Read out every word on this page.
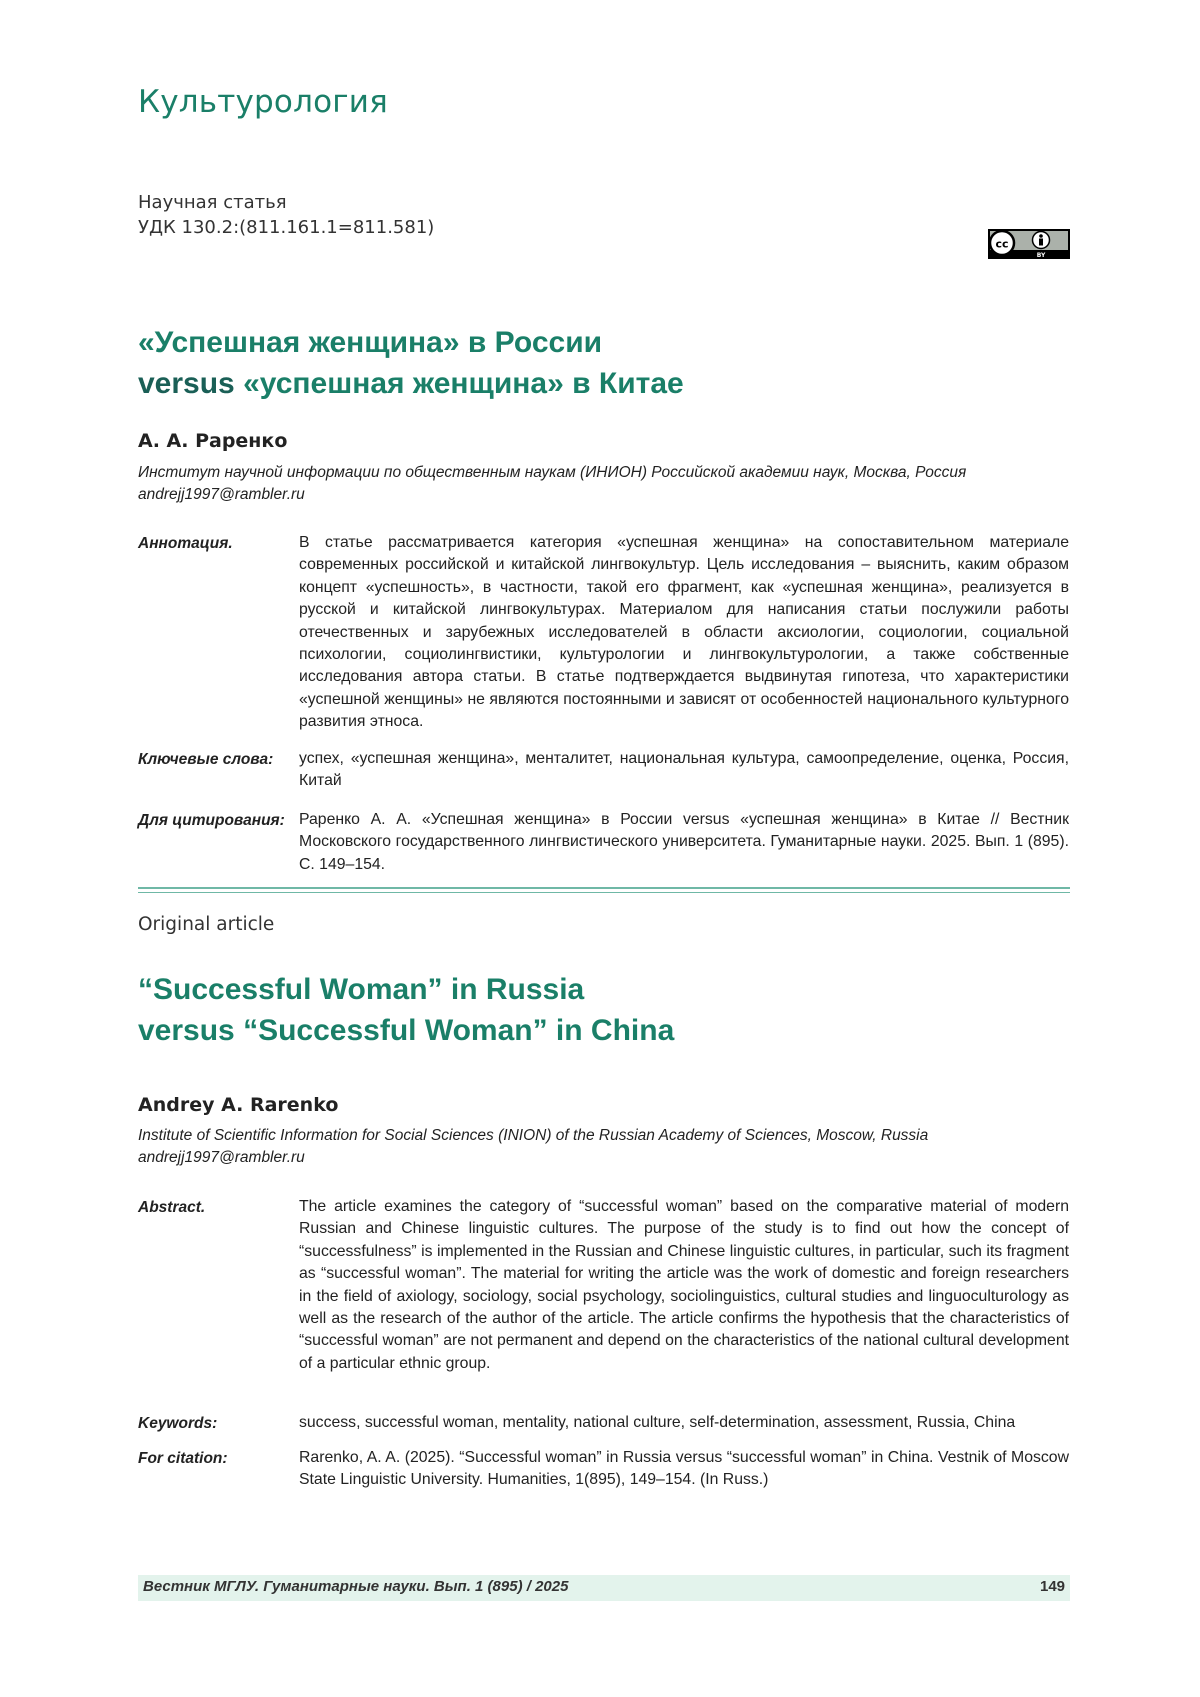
Культурология
Научная статья
УДК 130.2:(811.161.1=811.581)
cc
BY
«Успешная женщина» в России
versus «успешная женщина» в Китае
А. А. Раренко
Институт научной информации по общественным наукам (ИНИОН) Российской академии наук, Москва, Россия
andrejj1997@rambler.ru
Аннотация.	В статье рассматривается категория «успешная женщина» на сопоставительном материале современных российской и китайской лингвокультур. Цель исследования – выяснить, каким образом концепт «успешность», в частности, такой его фрагмент, как «успешная женщина», реализуется в русской и китайской лингвокультурах. Материалом для написания статьи послужили работы отечественных и зарубежных исследователей в области аксиологии, социологии, социальной психологии, социолингвистики, культурологии и лингвокультурологии, а также собственные исследования автора статьи. В статье подтверждается выдвинутая гипотеза, что характеристики «успешной женщины» не являются постоянными и зависят от особенностей национального культурного развития этноса.
Ключевые слова: успех, «успешная женщина», менталитет, национальная культура, самоопределение, оценка, Россия, Китай
Для цитирования: Раренко А. А. «Успешная женщина» в России versus «успешная женщина» в Китае // Вестник Московского государственного лингвистического университета. Гуманитарные науки. 2025. Вып. 1 (895). С. 149–154.
Original article
“Successful Woman” in Russia
versus “Successful Woman” in China
Andrey A. Rarenko
Institute of Scientific Information for Social Sciences (INION) of the Russian Academy of Sciences, Moscow, Russia
andrejj1997@rambler.ru
Abstract.	The article examines the category of “successful woman” based on the comparative material of modern Russian and Chinese linguistic cultures. The purpose of the study is to find out how the concept of “successfulness” is implemented in the Russian and Chinese linguistic cultures, in particular, such its fragment as “successful woman”. The material for writing the article was the work of domestic and foreign researchers in the field of axiology, sociology, social psychology, sociolinguistics, cultural studies and linguoculturology as well as the research of the author of the article. The article confirms the hypothesis that the characteristics of “successful woman” are not permanent and depend on the characteristics of the national cultural development of a particular ethnic group.
Keywords:	success, successful woman, mentality, national culture, self-determination, assessment, Russia, China
For citation:	Rarenko, A. A. (2025). “Successful woman” in Russia versus “successful woman” in China. Vestnik of Moscow State Linguistic University. Humanities, 1(895), 149–154. (In Russ.)
Вестник МГЛУ. Гуманитарные науки. Вып. 1 (895) / 2025	149
